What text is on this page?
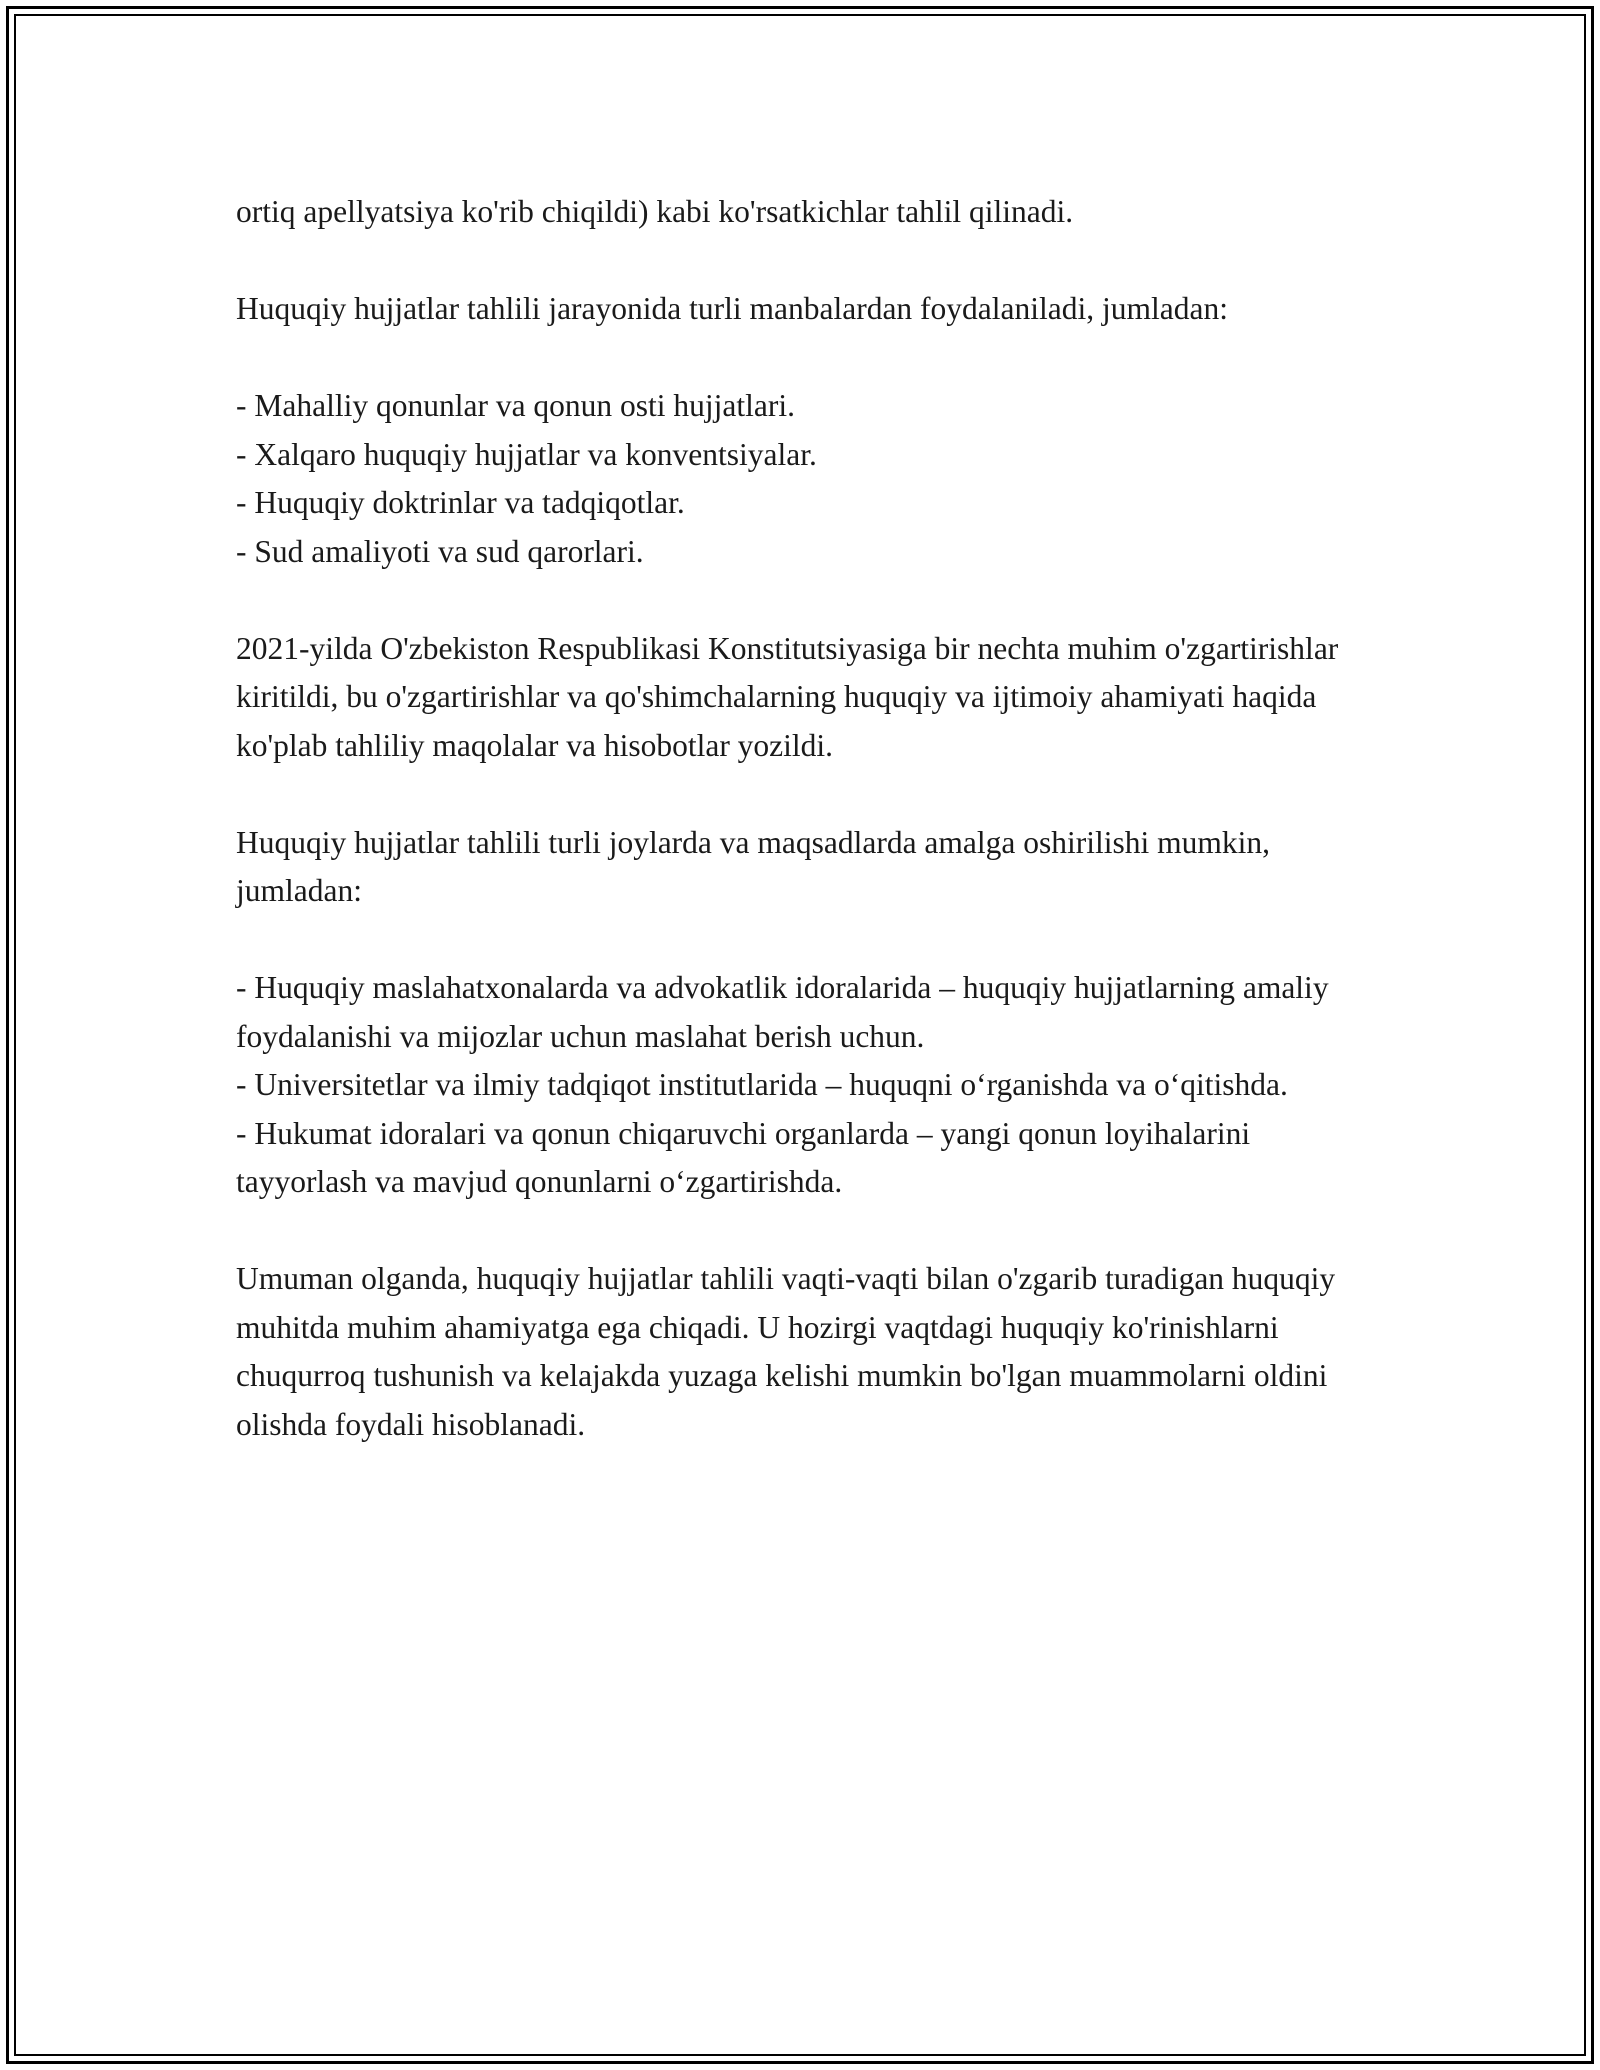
ortiq apellyatsiya ko'rib chiqildi) kabi ko'rsatkichlar tahlil qilinadi.

Huquqiy hujjatlar tahlili jarayonida turli manbalardan foydalaniladi, jumladan:

- Mahalliy qonunlar va qonun osti hujjatlari.
- Xalqaro huquqiy hujjatlar va konventsiyalar.
- Huquqiy doktrinlar va tadqiqotlar.
- Sud amaliyoti va sud qarorlari.

2021-yilda O'zbekiston Respublikasi Konstitutsiyasiga bir nechta muhim o'zgartirishlar kiritildi, bu o'zgartirishlar va qo'shimchalarning huquqiy va ijtimoiy ahamiyati haqida ko'plab tahliliy maqolalar va hisobotlar yozildi.

Huquqiy hujjatlar tahlili turli joylarda va maqsadlarda amalga oshirilishi mumkin, jumladan:

- Huquqiy maslahatxonalarda va advokatlik idoralarida – huquqiy hujjatlarning amaliy foydalanishi va mijozlar uchun maslahat berish uchun.
- Universitetlar va ilmiy tadqiqot institutlarida – huquqni o‘rganishda va o‘qitishda.
- Hukumat idoralari va qonun chiqaruvchi organlarda – yangi qonun loyihalarini tayyorlash va mavjud qonunlarni o‘zgartirishda.

Umuman olganda, huquqiy hujjatlar tahlili vaqti-vaqti bilan o'zgarib turadigan huquqiy muhitda muhim ahamiyatga ega chiqadi. U hozirgi vaqtdagi huquqiy ko'rinishlarni chuqurroq tushunish va kelajakda yuzaga kelishi mumkin bo'lgan muammolarni oldini olishda foydali hisoblanadi.
